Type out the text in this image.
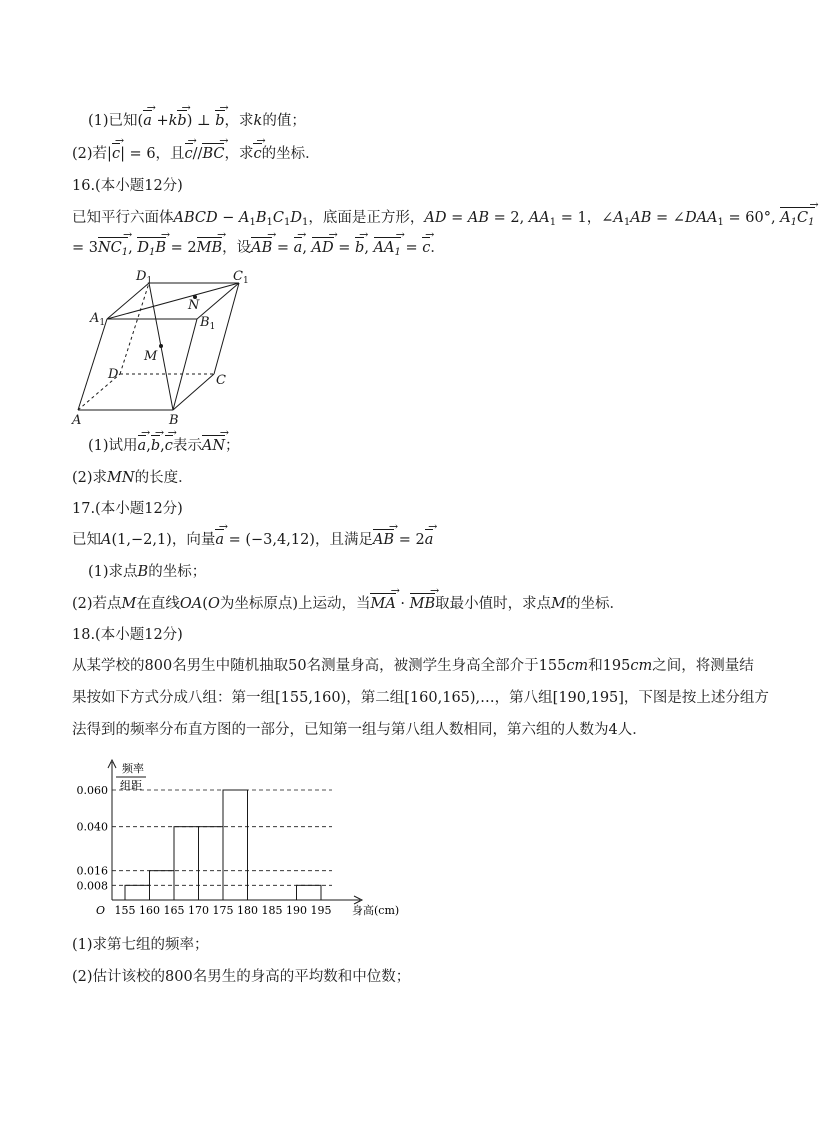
(1)已知(a → +kb →) ⊥ b →，求k的值；
(2)若|c →| = 6，且c →//BC →，求c →的坐标．
16.(本小题12分)
已知平行六面体ABCD − $A_1B_1C_1D_1$，底面是正方形，AD = AB = 2, $AA_1 = 1$，$\angle A_1AB$ = $\angle DAA_1 = 60^\circ$, $A_1C_1$ →
= $3NC_1$ →, $D_1B$ → = 2MB →，设AB → = a →, AD → = b →, $AA_1$ → = c →．
$D_1$	$C_1$
$A_1$	$B_1$
N
M
D	C
A	B
(1)试用a →,b →,c →表示AN →；
(2)求MN的长度．
17.(本小题12分)
已知A(1,−2,1)，向量a → = (−3,4,12)，且满足AB → = 2a →
(1)求点B的坐标；
(2)若点M在直线OA(O为坐标原点)上运动，当MA → · MB →取最小值时，求点M的坐标．
18.(本小题12分)
从某学校的800名男生中随机抽取50名测量身高，被测学生身高全部介于155cm和195cm之间，将测量结
果按如下方式分成八组：第一组[155,160)，第二组[160,165),…，第八组[190,195]，下图是按上述分组方
法得到的频率分布直方图的一部分，已知第一组与第八组人数相同，第六组的人数为4人．
频率
组距
O	身高(cm)
0.060
0.040
0.016
0.008
155 160 165 170 175 180 185 190 195
(1)求第七组的频率；
(2)估计该校的800名男生的身高的平均数和中位数；
